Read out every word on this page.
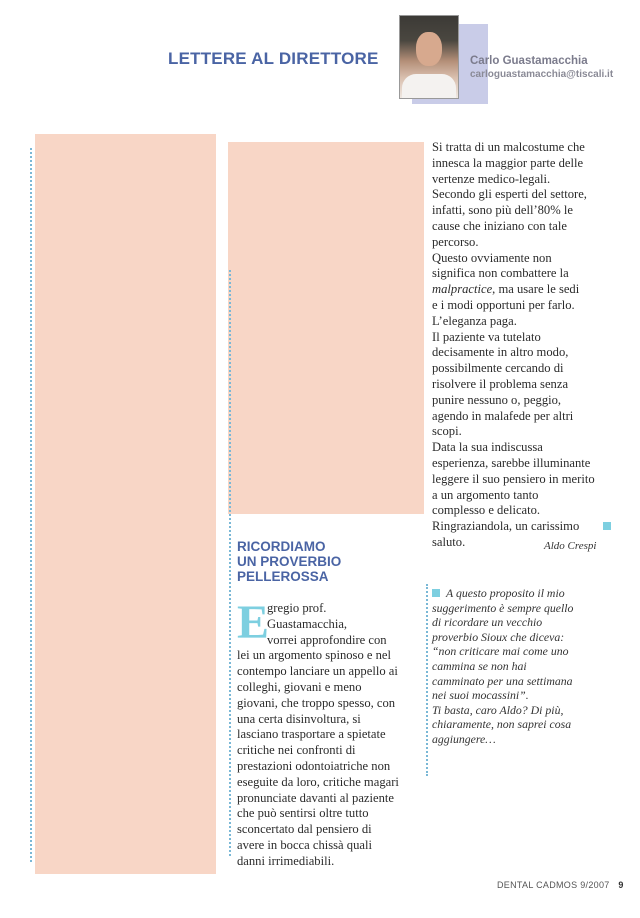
LETTERE AL DIRETTORE	Carlo Guastamacchia
carloguastamacchia@tiscali.it

Si tratta di un malcostume che

innesca la maggior parte delle

vertenze medico-legali.

Secondo gli esperti del settore,

infatti, sono più dell’80% le

cause che iniziano con tale

percorso.

Questo ovviamente non

significa non combattere la

malpractice, ma usare le sedi

e i modi opportuni per farlo.

L’eleganza paga.

Il paziente va tutelato

decisamente in altro modo,

possibilmente cercando di

risolvere il problema senza

punire nessuno o, peggio,

agendo in malafede per altri

scopi.

Data la sua indiscussa

esperienza, sarebbe illuminante

leggere il suo pensiero in merito

a un argomento tanto

complesso e delicato.

Ringraziandola, un carissimo

saluto.	Aldo Crespi
RICORDIAMO
UN PROVERBIO
PELLEROSSA
E
gregio prof.
Guastamacchia,
vorrei approfondire con
lei un argomento spinoso e nel
contempo lanciare un appello ai
colleghi, giovani e meno
giovani, che troppo spesso, con
una certa disinvoltura, si
lasciano trasportare a spietate
critiche nei confronti di
prestazioni odontoiatriche non
eseguite da loro, critiche magari
pronunciate davanti al paziente
che può sentirsi oltre tutto
sconcertato dal pensiero di
avere in bocca chissà quali
danni irrimediabili.
A questo proposito il mio
suggerimento è sempre quello
di ricordare un vecchio
proverbio Sioux che diceva:
“non criticare mai come uno
cammina se non hai
camminato per una settimana
nei suoi mocassini”.
Ti basta, caro Aldo? Di più,
chiaramente, non saprei cosa
aggiungere…
DENTAL CADMOS 9/2007 9
